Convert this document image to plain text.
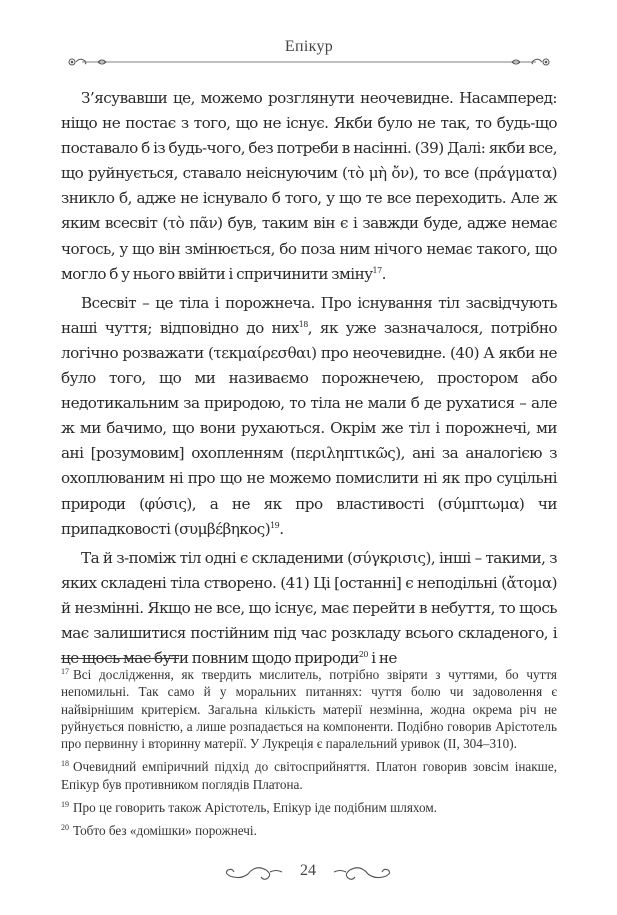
Епікур

З’ясувавши це, можемо розглянути неочевидне. Насамперед: ніщо не постає з того, що не існує. Якби було не так, то будь-що поставало б із будь-чого, без потреби в насінні. (39) Далі: якби все, що руйнується, ставало неіснуючим (τὸ μὴ ὄν), то все (πράγματα) зникло б, адже не існувало б того, у що те все переходить. Але ж яким всесвіт (τὸ πᾶν) був, таким він є і завжди буде, адже немає чогось, у що він змінюється, бо поза ним нічого немає такого, що могло б у нього ввійти і спричинити зміну$^{17}$.

Всесвіт – це тіла і порожнеча. Про існування тіл засвідчують наші чуття; відповідно до них$^{18}$, як уже зазначалося, потрібно логічно розважати (τεκμαίρεσθαι) про неочевидне. (40) А якби не було того, що ми називаємо порожнечею, простором або недотикальним за природою, то тіла не мали б де рухатися – але ж ми бачимо, що вони рухаються. Окрім же тіл і порожнечі, ми ані [розумовим] охопленням (περιληπτικῶς), ані за аналогією з охоплюваним ні про що не можемо помислити ні як про суцільні природи (φύσις), а не як про властивості (σύμπτωμα) чи припадковості $(\sigma\upsilon\mu\beta έ\beta\eta\kappa o\varsigma)^{19}$.

Та й з-поміж тіл одні є складеними (σύγκρισις), інші – такими, з яких складені тіла створено. (41) Ці [останні] є неподільні (ἄτομα) й незмінні. Якщо не все, що існує, має перейти в небуття, то щось має залишитися постійним під час розкладу всього складеного, і це щось має бути повним щодо природи$^{20}$ і не

$^{17}$ Всі дослідження, як твердить мислитель, потрібно звіряти з чуттями, бо чуття непомильні. Так само й у моральних питаннях: чуття болю чи задоволення є найвірнішим критерієм. Загальна кількість матерії незмінна, жодна окрема річ не руйнується повністю, а лише розпадається на компоненти. Подібно говорив Арістотель про первинну і вторинну матерії. У Лукреція є паралельний уривок (II, 304–310).

$^{18}$ Очевидний емпіричний підхід до світосприйняття. Платон говорив зовсім інакше, Епікур був противником поглядів Платона.

$^{19}$ Про це говорить також Арістотель, Епікур іде подібним шляхом.

$^{20}$ Тобто без «домішки» порожнечі.

24
